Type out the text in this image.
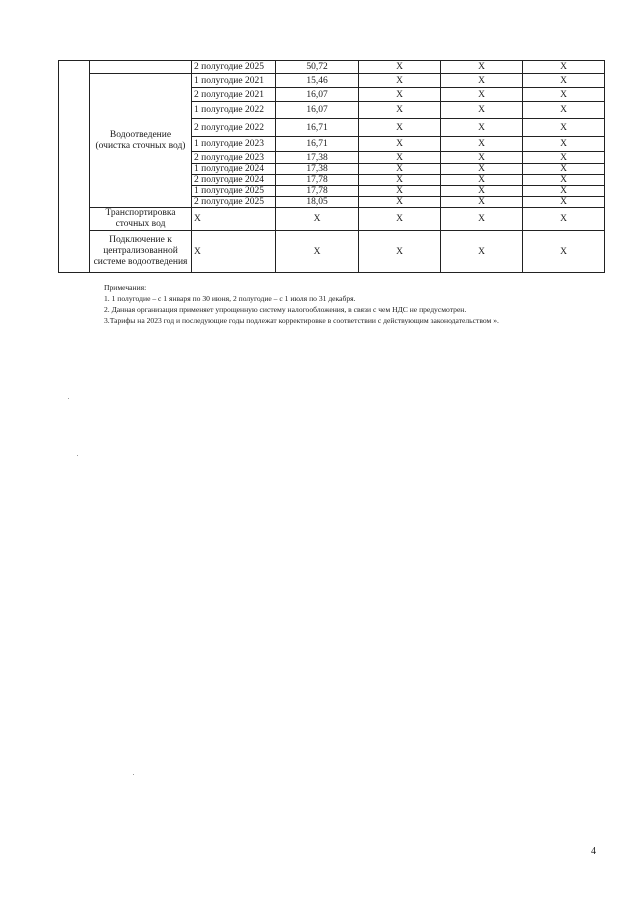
		2 полугодие 2025	50,72	Х	Х	Х
	Водоотведение (очистка сточных вод)	1 полугодие 2021	15,46	Х	Х	Х
		2 полугодие 2021	16,07	Х	Х	Х
		1 полугодие 2022	16,07	Х	Х	Х
		2 полугодие 2022	16,71	Х	Х	Х
		1 полугодие 2023	16,71	Х	Х	Х
		2 полугодие 2023	17,38	Х	Х	Х
		1 полугодие 2024	17,38	Х	Х	Х
		2 полугодие 2024	17,78	Х	Х	Х
		1 полугодие 2025	17,78	Х	Х	Х
		2 полугодие 2025	18,05	Х	Х	Х
	Транспортировка сточных вод	Х	Х	Х	Х	Х
	Подключение к централизованной системе водоотведения	Х	Х	Х	Х	Х
Примечания:
1. 1 полугодие – с 1 января по 30 июня, 2 полугодие – с 1 июля по 31 декабря.
2. Данная организация применяет упрощенную систему налогообложения, в связи с чем НДС не предусмотрен.
3.Тарифы на 2023 год и последующие годы подлежат корректировке в соответствии с действующим законодательством ».
4
